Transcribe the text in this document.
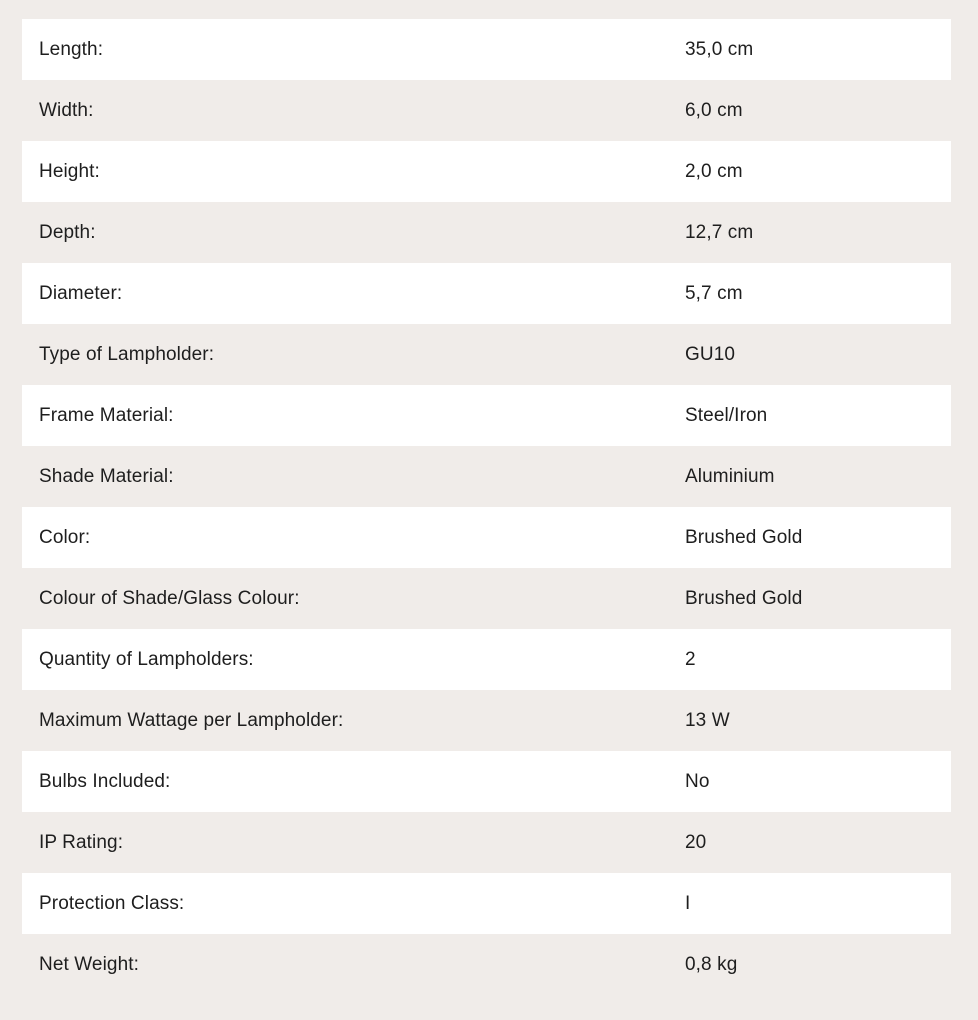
Length:	35,0 cm
Width:	6,0 cm
Height:	2,0 cm
Depth:	12,7 cm
Diameter:	5,7 cm
Type of Lampholder:	GU10
Frame Material:	Steel/Iron
Shade Material:	Aluminium
Color:	Brushed Gold
Colour of Shade/Glass Colour:	Brushed Gold
Quantity of Lampholders:	2
Maximum Wattage per Lampholder:	13 W
Bulbs Included:	No
IP Rating:	20
Protection Class:	I
Net Weight:	0,8 kg
